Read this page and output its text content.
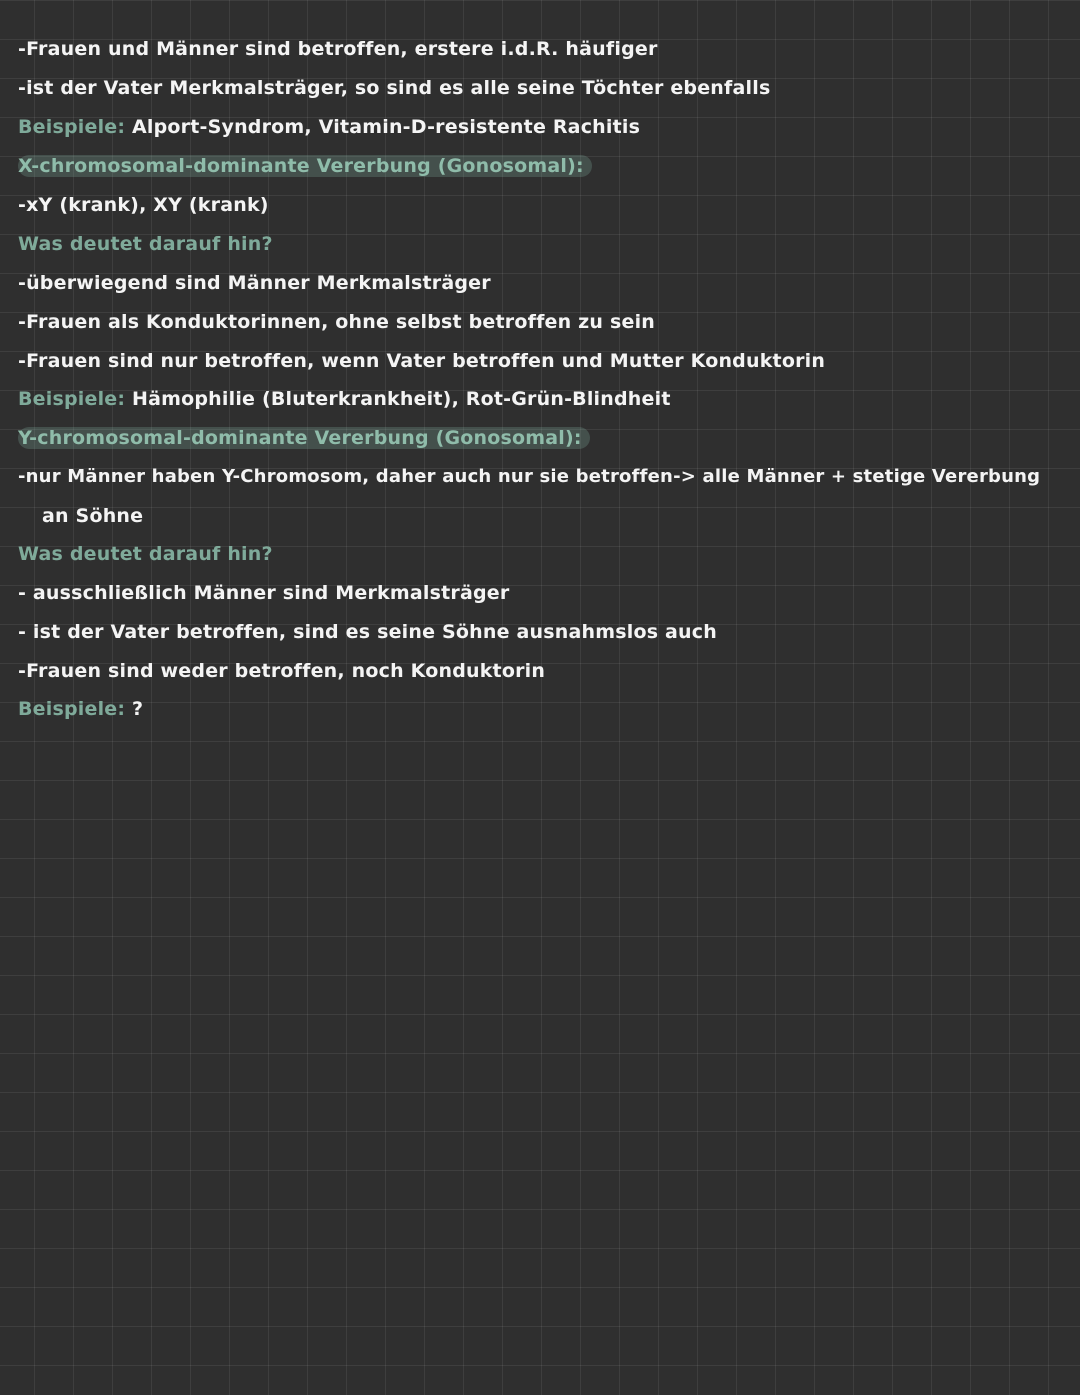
-Frauen und Männer sind betroffen, erstere i.d.R. häufiger
-ist der Vater Merkmalsträger, so sind es alle seine Töchter ebenfalls
Beispiele: Alport-Syndrom, Vitamin-D-resistente Rachitis
X-chromosomal-dominante Vererbung (Gonosomal):
-xY (krank), XY (krank)
Was deutet darauf hin?
-überwiegend sind Männer Merkmalsträger
-Frauen als Konduktorinnen, ohne selbst betroffen zu sein
-Frauen sind nur betroffen, wenn Vater betroffen und Mutter Konduktorin
Beispiele: Hämophilie (Bluterkrankheit), Rot-Grün-Blindheit
Y-chromosomal-dominante Vererbung (Gonosomal):
-nur Männer haben Y-Chromosom, daher auch nur sie betroffen-> alle Männer + stetige Vererbung
an Söhne
Was deutet darauf hin?
- ausschließlich Männer sind Merkmalsträger
- ist der Vater betroffen, sind es seine Söhne ausnahmslos auch
-Frauen sind weder betroffen, noch Konduktorin
Beispiele: ?
